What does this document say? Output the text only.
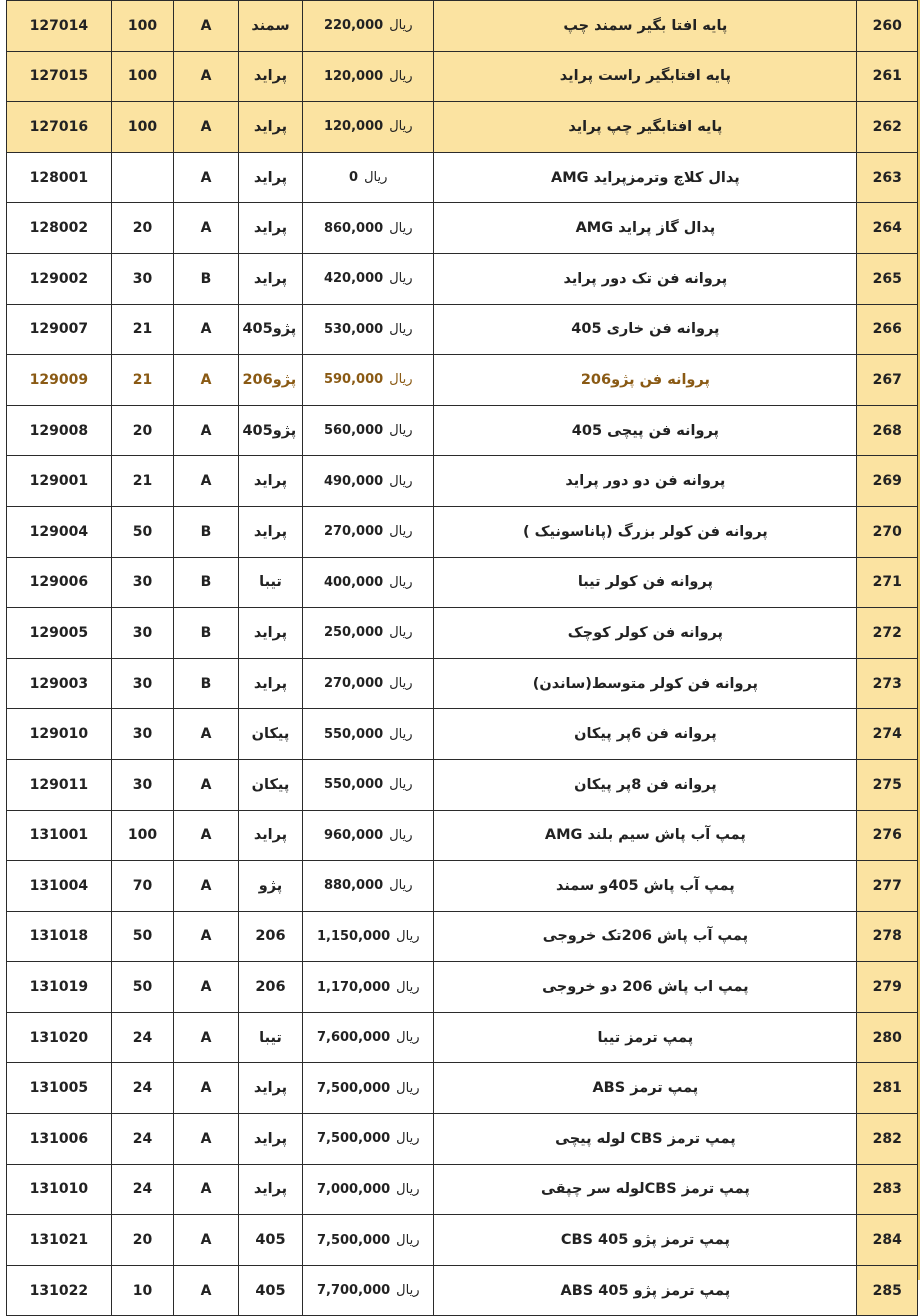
127014	100	A	سمند	ریال220,000	پایه افتا بگیر سمند چپ	260
127015	100	A	پراید	ریال120,000	پایه افتابگیر راست پراید	261
127016	100	A	پراید	ریال120,000	پایه افتابگیر چپ پراید	262
128001		A	پراید	ریال0	پدال کلاچ وترمزپراید AMG	263
128002	20	A	پراید	ریال860,000	پدال گاز پراید AMG	264
129002	30	B	پراید	ریال420,000	پروانه فن تک دور پراید	265
129007	21	A	پژو405	ریال530,000	پروانه فن خاری 405	266
129009	21	A	پژو206	ریال590,000	پروانه فن پژو206	267
129008	20	A	پژو405	ریال560,000	پروانه فن پیچی 405	268
129001	21	A	پراید	ریال490,000	پروانه فن دو دور پراید	269
129004	50	B	پراید	ریال270,000	پروانه فن کولر بزرگ (پاناسونیک )	270
129006	30	B	تیبا	ریال400,000	پروانه فن کولر تیبا	271
129005	30	B	پراید	ریال250,000	پروانه فن کولر کوچک	272
129003	30	B	پراید	ریال270,000	پروانه فن کولر متوسط(ساندن)	273
129010	30	A	پیکان	ریال550,000	پروانه فن 6پر پیکان	274
129011	30	A	پیکان	ریال550,000	پروانه فن 8پر پیکان	275
131001	100	A	پراید	ریال960,000	پمپ آب پاش سیم بلند AMG	276
131004	70	A	پژو	ریال880,000	پمپ آب پاش 405و سمند	277
131018	50	A	206	ریال1,150,000	پمپ آب پاش 206تک خروجی	278
131019	50	A	206	ریال1,170,000	پمپ اب پاش 206 دو خروجی	279
131020	24	A	تیبا	ریال7,600,000	پمپ ترمز تیبا	280
131005	24	A	پراید	ریال7,500,000	پمپ ترمز ABS	281
131006	24	A	پراید	ریال7,500,000	پمپ ترمز CBS لوله پیچی	282
131010	24	A	پراید	ریال7,000,000	پمپ ترمز CBSلوله سر چپقی	283
131021	20	A	405	ریال7,500,000	پمپ ترمز پژو 405 CBS	284
131022	10	A	405	ریال7,700,000	پمپ ترمز پژو 405 ABS	285
